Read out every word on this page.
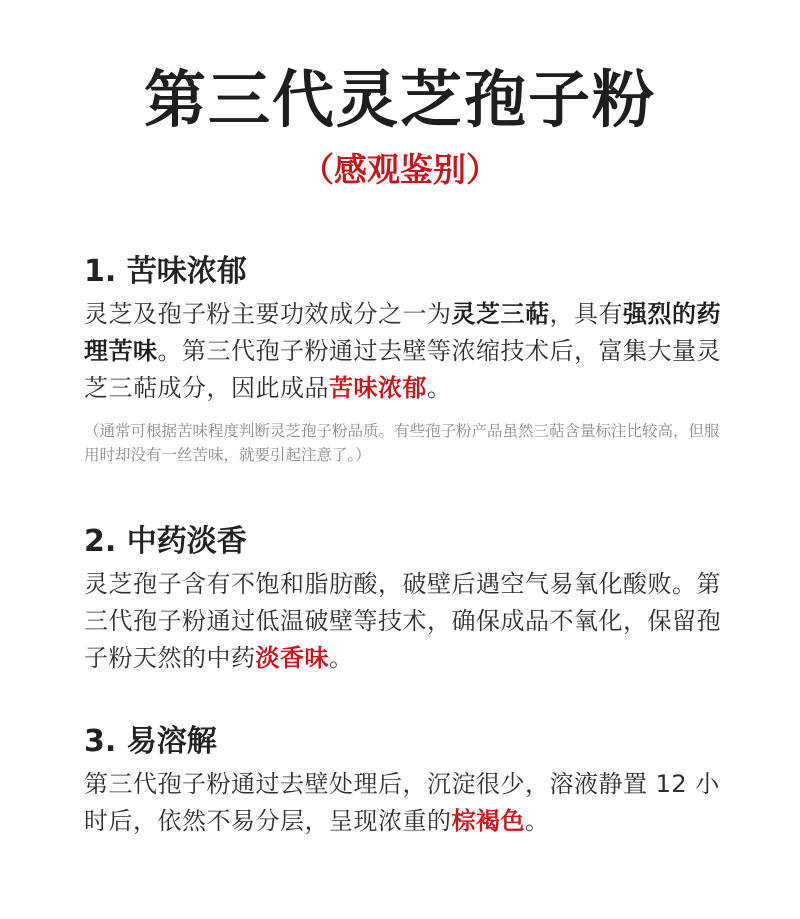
第三代灵芝孢子粉
（感观鉴别）
1. 苦味浓郁

灵芝及孢子粉主要功效成分之一为灵芝三萜，具有强烈的药理苦味。第三代孢子粉通过去壁等浓缩技术后，富集大量灵芝三萜成分，因此成品苦味浓郁。

（通常可根据苦味程度判断灵芝孢子粉品质。有些孢子粉产品虽然三萜含量标注比较高，但服用时却没有一丝苦味，就要引起注意了。）

2. 中药淡香

灵芝孢子含有不饱和脂肪酸，破壁后遇空气易氧化酸败。第三代孢子粉通过低温破壁等技术，确保成品不氧化，保留孢子粉天然的中药淡香味。

3. 易溶解

第三代孢子粉通过去壁处理后，沉淀很少，溶液静置 12 小时后，依然不易分层，呈现浓重的棕褐色。
